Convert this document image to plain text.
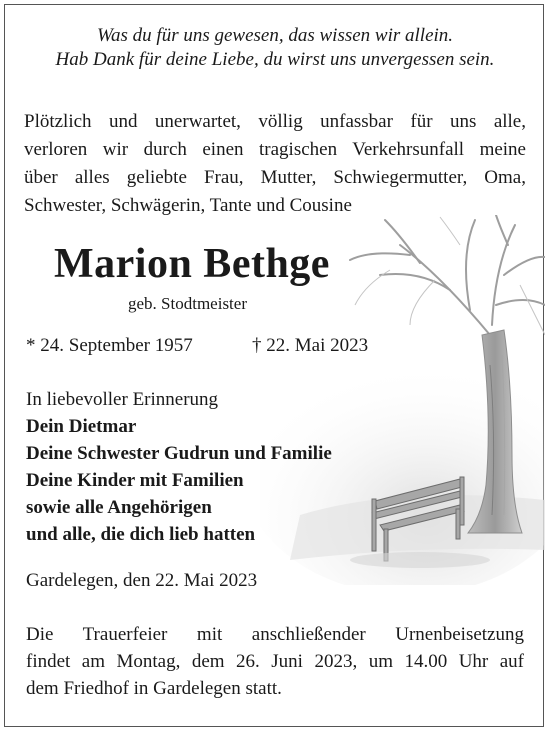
Was du für uns gewesen, das wissen wir allein.
Hab Dank für deine Liebe, du wirst uns unvergessen sein.
Plötzlich und unerwartet, völlig unfassbar für uns alle,
verloren wir durch einen tragischen Verkehrsunfall meine
über alles geliebte Frau, Mutter, Schwiegermutter, Oma,
Schwester, Schwägerin, Tante und Cousine
Marion Bethge
geb. Stodtmeister
* 24. September 1957	† 22. Mai 2023
In liebevoller Erinnerung
Dein Dietmar
Deine Schwester Gudrun und Familie
Deine Kinder mit Familien
sowie alle Angehörigen
und alle, die dich lieb hatten
Gardelegen, den 22. Mai 2023
Die Trauerfeier mit anschließender Urnenbeisetzung
findet am Montag, dem 26. Juni 2023, um 14.00 Uhr auf
dem Friedhof in Gardelegen statt.
